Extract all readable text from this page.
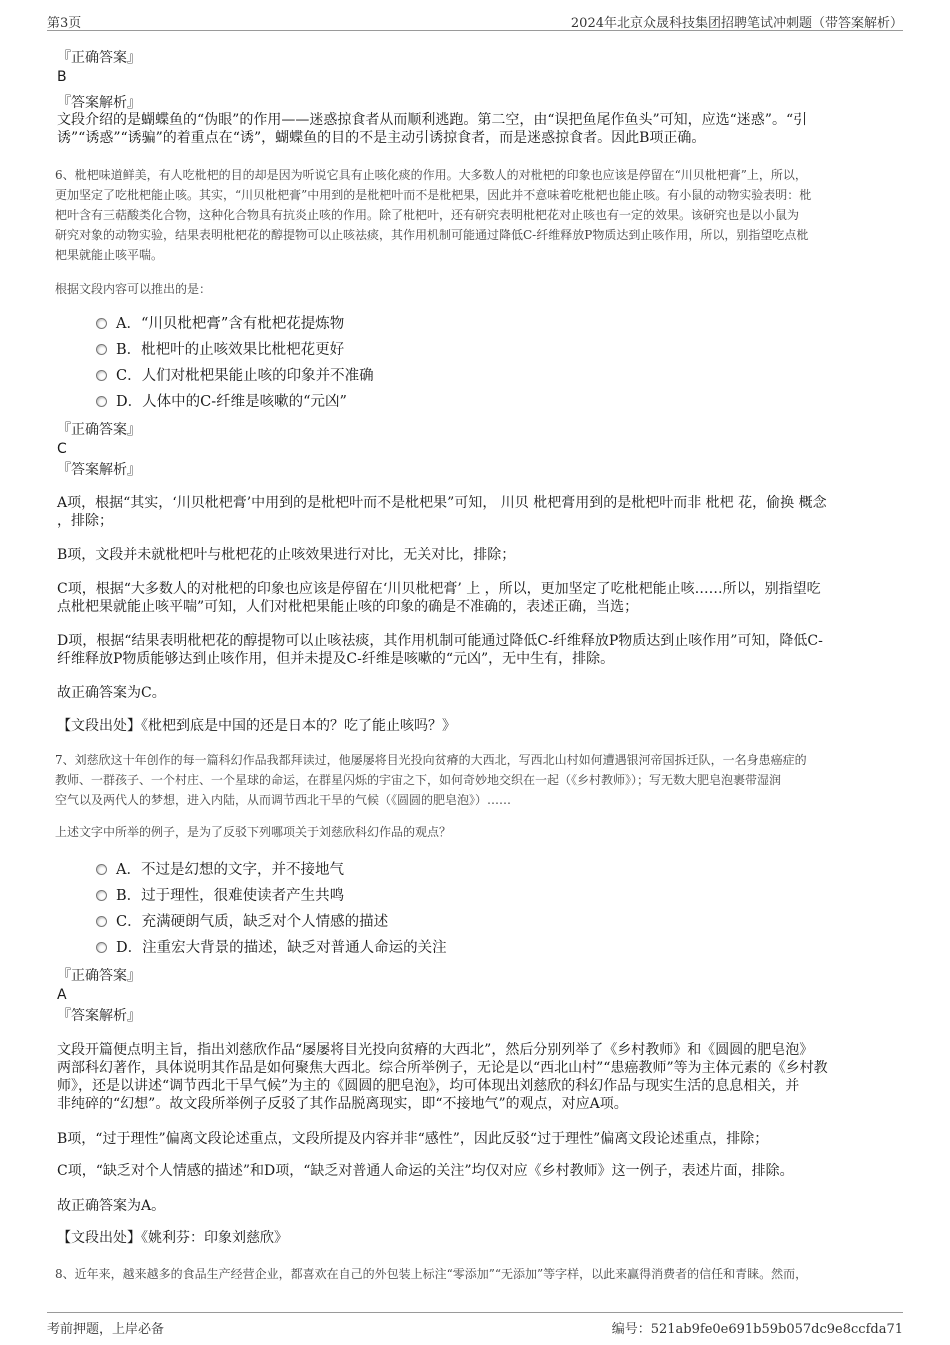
第3页	2024年北京众晟科技集团招聘笔试冲刺题（带答案解析）
『正确答案』
B
『答案解析』
文段介绍的是蝴蝶鱼的“伪眼”的作用——迷惑掠食者从而顺利逃跑。第二空，由“误把鱼尾作鱼头”可知，应选“迷惑”。“引
诱”“诱惑”“诱骗”的着重点在“诱”，蝴蝶鱼的目的不是主动引诱掠食者，而是迷惑掠食者。因此B项正确。
6、枇杷味道鲜美，有人吃枇杷的目的却是因为听说它具有止咳化痰的作用。大多数人的对枇杷的印象也应该是停留在“川贝枇杷膏”上，所以，
更加坚定了吃枇杷能止咳。其实，“川贝枇杷膏”中用到的是枇杷叶而不是枇杷果，因此并不意味着吃枇杷也能止咳。有小鼠的动物实验表明：枇
杷叶含有三萜酸类化合物，这种化合物具有抗炎止咳的作用。除了枇杷叶，还有研究表明枇杷花对止咳也有一定的效果。该研究也是以小鼠为
研究对象的动物实验，结果表明枇杷花的醇提物可以止咳祛痰，其作用机制可能通过降低C-纤维释放P物质达到止咳作用，所以，别指望吃点枇
杷果就能止咳平喘。
根据文段内容可以推出的是：
A．“川贝枇杷膏”含有枇杷花提炼物
B．枇杷叶的止咳效果比枇杷花更好
C．人们对枇杷果能止咳的印象并不准确
D．人体中的C-纤维是咳嗽的“元凶”
『正确答案』
C
『答案解析』
A项，根据“其实，‘川贝枇杷膏’中用到的是枇杷叶而不是枇杷果”可知， 川贝 枇杷膏用到的是枇杷叶而非 枇杷 花，偷换 概念
，排除；
B项，文段并未就枇杷叶与枇杷花的止咳效果进行对比，无关对比，排除；
C项，根据“大多数人的对枇杷的印象也应该是停留在‘川贝枇杷膏’ 上 ，所以，更加坚定了吃枇杷能止咳……所以，别指望吃
点枇杷果就能止咳平喘”可知，人们对枇杷果能止咳的印象的确是不准确的，表述正确，当选；
D项，根据“结果表明枇杷花的醇提物可以止咳祛痰，其作用机制可能通过降低C-纤维释放P物质达到止咳作用”可知，降低C-
纤维释放P物质能够达到止咳作用，但并未提及C-纤维是咳嗽的“元凶”，无中生有，排除。
故正确答案为C。
【文段出处】《枇杷到底是中国的还是日本的？吃了能止咳吗？》
7、刘慈欣这十年创作的每一篇科幻作品我都拜读过，他屡屡将目光投向贫瘠的大西北，写西北山村如何遭遇银河帝国拆迁队，一名身患癌症的
教师、一群孩子、一个村庄、一个星球的命运，在群星闪烁的宇宙之下，如何奇妙地交织在一起（《乡村教师》）；写无数大肥皂泡裹带湿润
空气以及两代人的梦想，进入内陆，从而调节西北干旱的气候（《圆圆的肥皂泡》）……
上述文字中所举的例子，是为了反驳下列哪项关于刘慈欣科幻作品的观点？
A．不过是幻想的文字，并不接地气
B．过于理性，很难使读者产生共鸣
C．充满硬朗气质，缺乏对个人情感的描述
D．注重宏大背景的描述，缺乏对普通人命运的关注
『正确答案』
A
『答案解析』
文段开篇便点明主旨，指出刘慈欣作品“屡屡将目光投向贫瘠的大西北”，然后分别列举了《乡村教师》和《圆圆的肥皂泡》
两部科幻著作，具体说明其作品是如何聚焦大西北。综合所举例子，无论是以“西北山村”“患癌教师”等为主体元素的《乡村教
师》，还是以讲述“调节西北干旱气候”为主的《圆圆的肥皂泡》，均可体现出刘慈欣的科幻作品与现实生活的息息相关，并
非纯碎的“幻想”。故文段所举例子反驳了其作品脱离现实，即“不接地气”的观点，对应A项。
B项，“过于理性”偏离文段论述重点，文段所提及内容并非“感性”，因此反驳“过于理性”偏离文段论述重点，排除；
C项，“缺乏对个人情感的描述”和D项，“缺乏对普通人命运的关注”均仅对应《乡村教师》这一例子，表述片面，排除。
故正确答案为A。
【文段出处】《姚利芬：印象刘慈欣》
8、近年来，越来越多的食品生产经营企业，都喜欢在自己的外包装上标注“零添加”“无添加”等字样，以此来赢得消费者的信任和青睐。然而，
考前押题，上岸必备	编号：521ab9fe0e691b59b057dc9e8ccfda71
